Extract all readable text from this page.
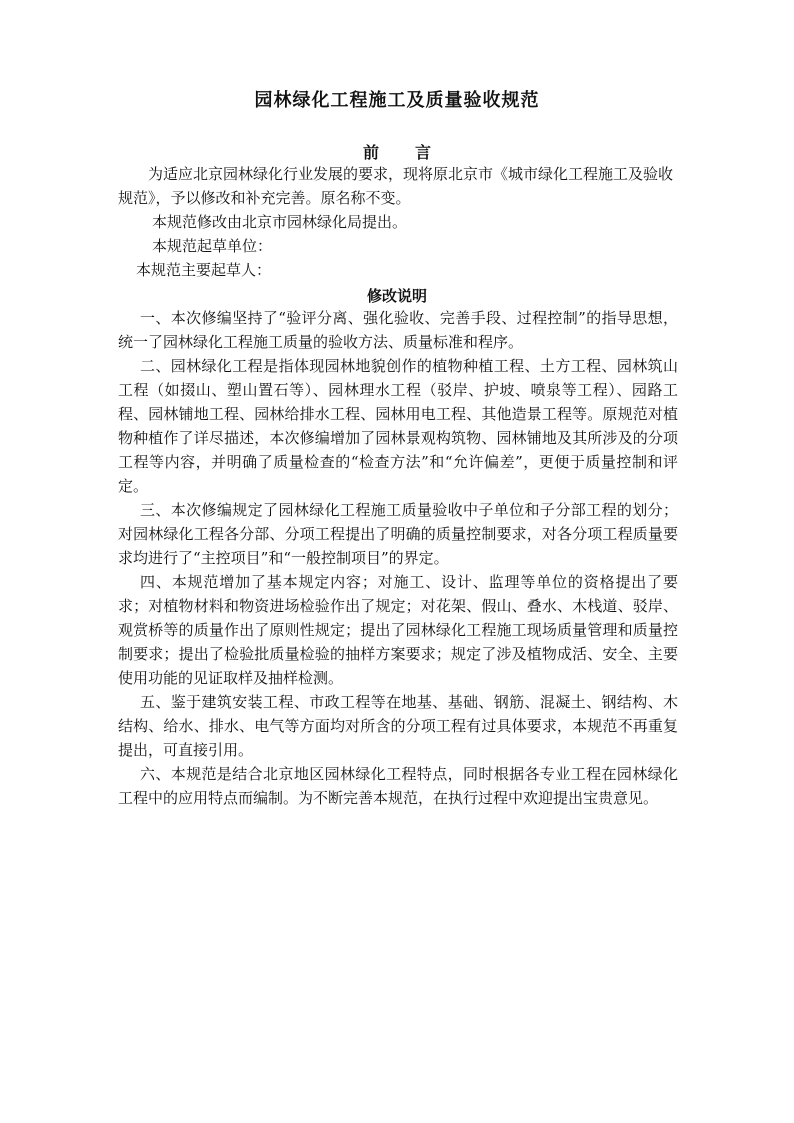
园林绿化工程施工及质量验收规范
前言

为适应北京园林绿化行业发展的要求，现将原北京市《城市绿化工程施工及验收规范》，予以修改和补充完善。原名称不变。

本规范修改由北京市园林绿化局提出。

本规范起草单位：

本规范主要起草人：

修改说明

一、本次修编坚持了“验评分离、强化验收、完善手段、过程控制”的指导思想，统一了园林绿化工程施工质量的验收方法、质量标准和程序。

二、园林绿化工程是指体现园林地貌创作的植物种植工程、土方工程、园林筑山工程（如掇山、塑山置石等）、园林理水工程（驳岸、护坡、喷泉等工程）、园路工程、园林铺地工程、园林给排水工程、园林用电工程、其他造景工程等。原规范对植物种植作了详尽描述，本次修编增加了园林景观构筑物、园林铺地及其所涉及的分项工程等内容，并明确了质量检查的“检查方法”和“允许偏差”，更便于质量控制和评定。

三、本次修编规定了园林绿化工程施工质量验收中子单位和子分部工程的划分；对园林绿化工程各分部、分项工程提出了明确的质量控制要求，对各分项工程质量要求均进行了“主控项目”和“一般控制项目”的界定。

四、本规范增加了基本规定内容；对施工、设计、监理等单位的资格提出了要求；对植物材料和物资进场检验作出了规定；对花架、假山、叠水、木栈道、驳岸、观赏桥等的质量作出了原则性规定；提出了园林绿化工程施工现场质量管理和质量控制要求；提出了检验批质量检验的抽样方案要求；规定了涉及植物成活、安全、主要使用功能的见证取样及抽样检测。

五、鉴于建筑安装工程、市政工程等在地基、基础、钢筋、混凝土、钢结构、木结构、给水、排水、电气等方面均对所含的分项工程有过具体要求，本规范不再重复提出，可直接引用。

六、本规范是结合北京地区园林绿化工程特点，同时根据各专业工程在园林绿化工程中的应用特点而编制。为不断完善本规范，在执行过程中欢迎提出宝贵意见。
